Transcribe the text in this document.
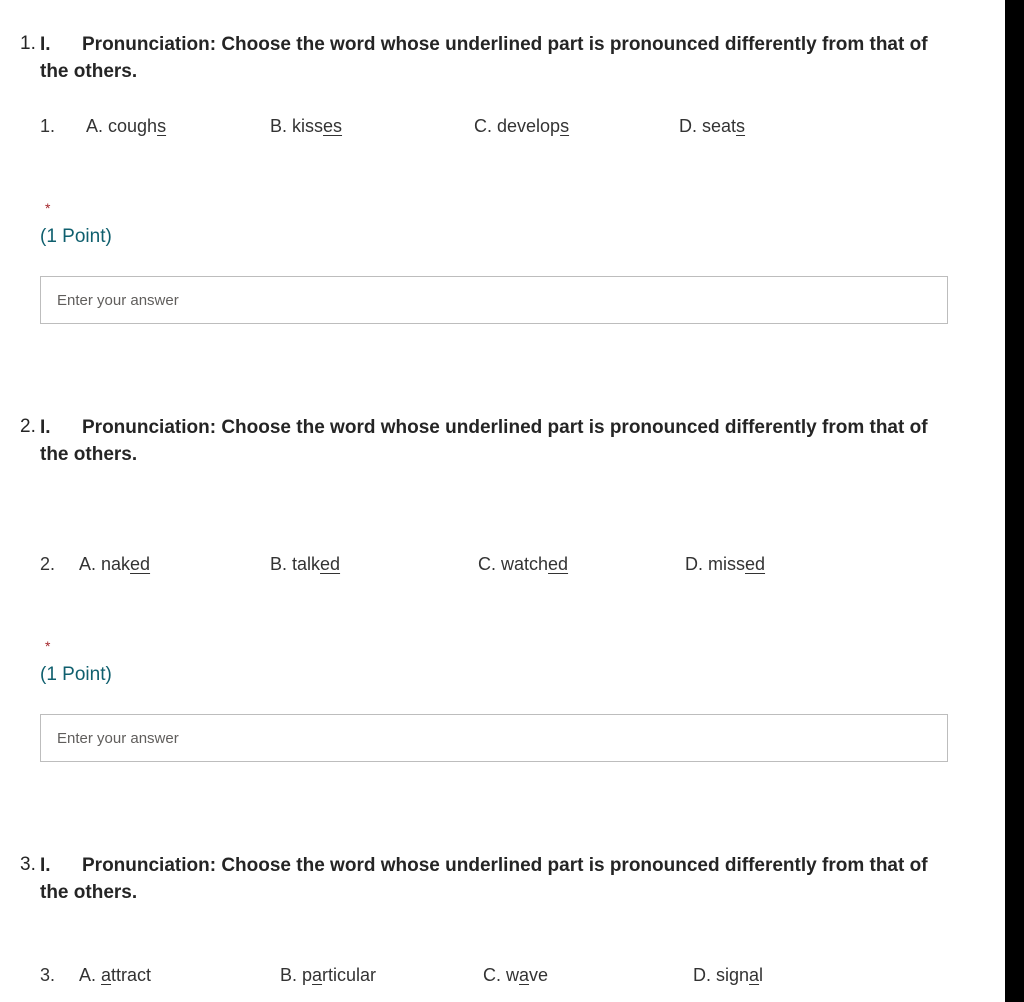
1. I. Pronunciation: Choose the word whose underlined part is pronounced differently from that of the others.
1. A. coughs	B. kisses	C. develops	D. seats
*
(1 Point)
Enter your answer
2. I. Pronunciation: Choose the word whose underlined part is pronounced differently from that of the others.
2. A. naked	B. talked	C. watched	D. missed
*
(1 Point)
Enter your answer
3. I. Pronunciation: Choose the word whose underlined part is pronounced differently from that of the others.
3. A. attract	B. particular	C. wave	D. signal
